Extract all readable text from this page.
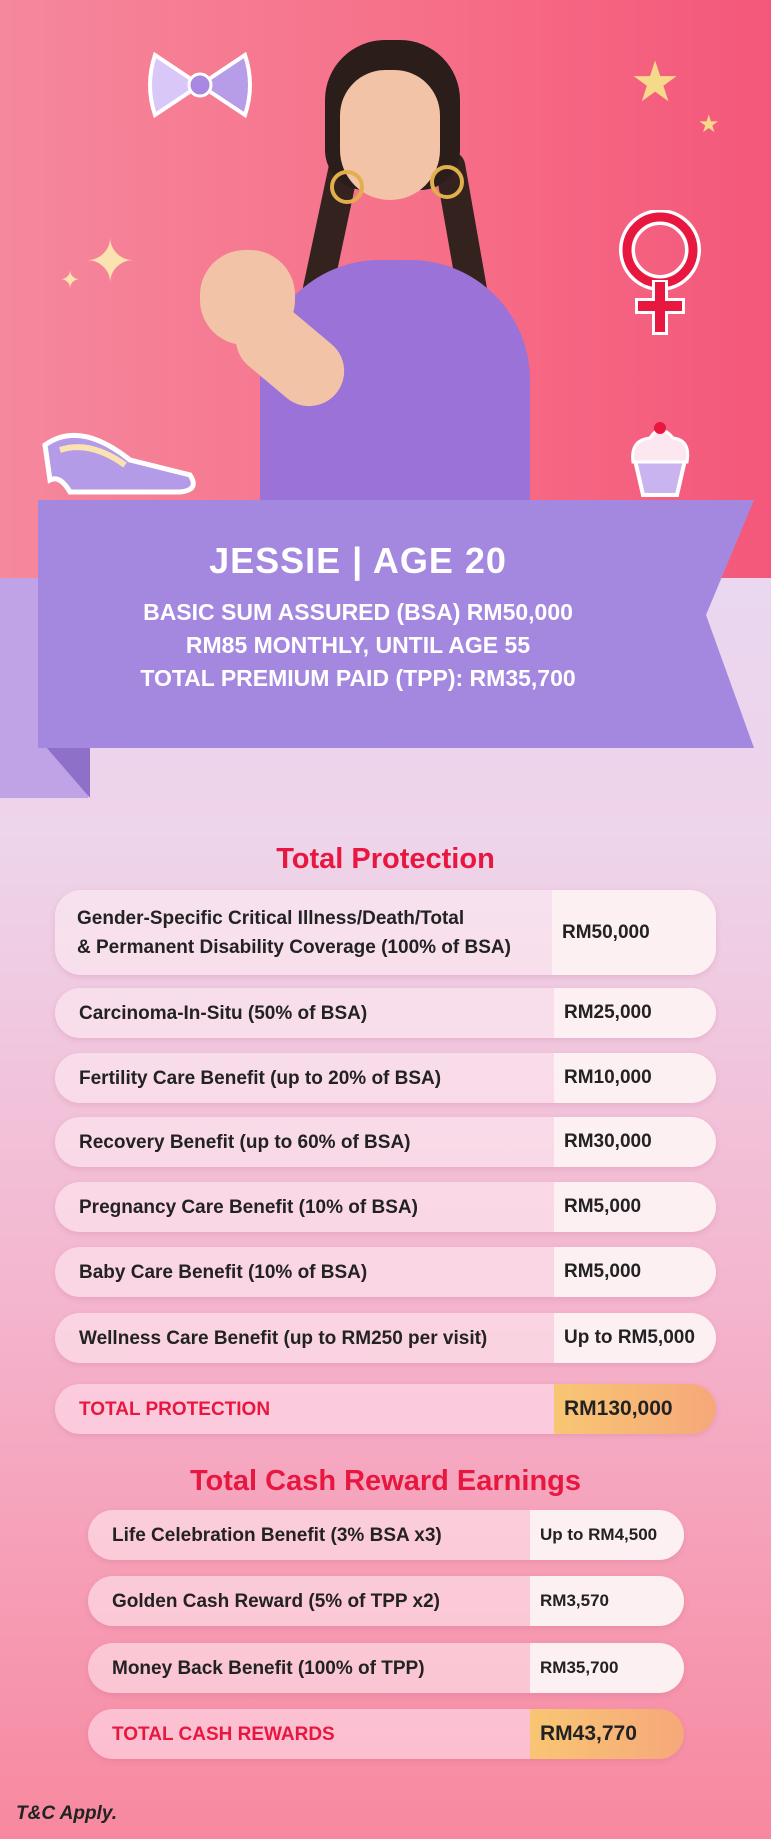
★
★
✦
✦

JESSIE | AGE 20

BASIC SUM ASSURED (BSA) RM50,000

RM85 MONTHLY, UNTIL AGE 55

TOTAL PREMIUM PAID (TPP): RM35,700

Total Protection
Gender-Specific Critical Illness/Death/Total
& Permanent Disability Coverage (100% of BSA)
RM50,000
Carcinoma-In-Situ (50% of BSA)	RM25,000
Fertility Care Benefit (up to 20% of BSA)	RM10,000
Recovery Benefit (up to 60% of BSA)	RM30,000
Pregnancy Care Benefit (10% of BSA)	RM5,000
Baby Care Benefit (10% of BSA)	RM5,000
Wellness Care Benefit (up to RM250 per visit)	Up to RM5,000
TOTAL PROTECTION	RM130,000
Total Cash Reward Earnings
Life Celebration Benefit (3% BSA x3)	Up to RM4,500
Golden Cash Reward (5% of TPP x2)	RM3,570
Money Back Benefit (100% of TPP)	RM35,700
TOTAL CASH REWARDS	RM43,770
T&C Apply.
